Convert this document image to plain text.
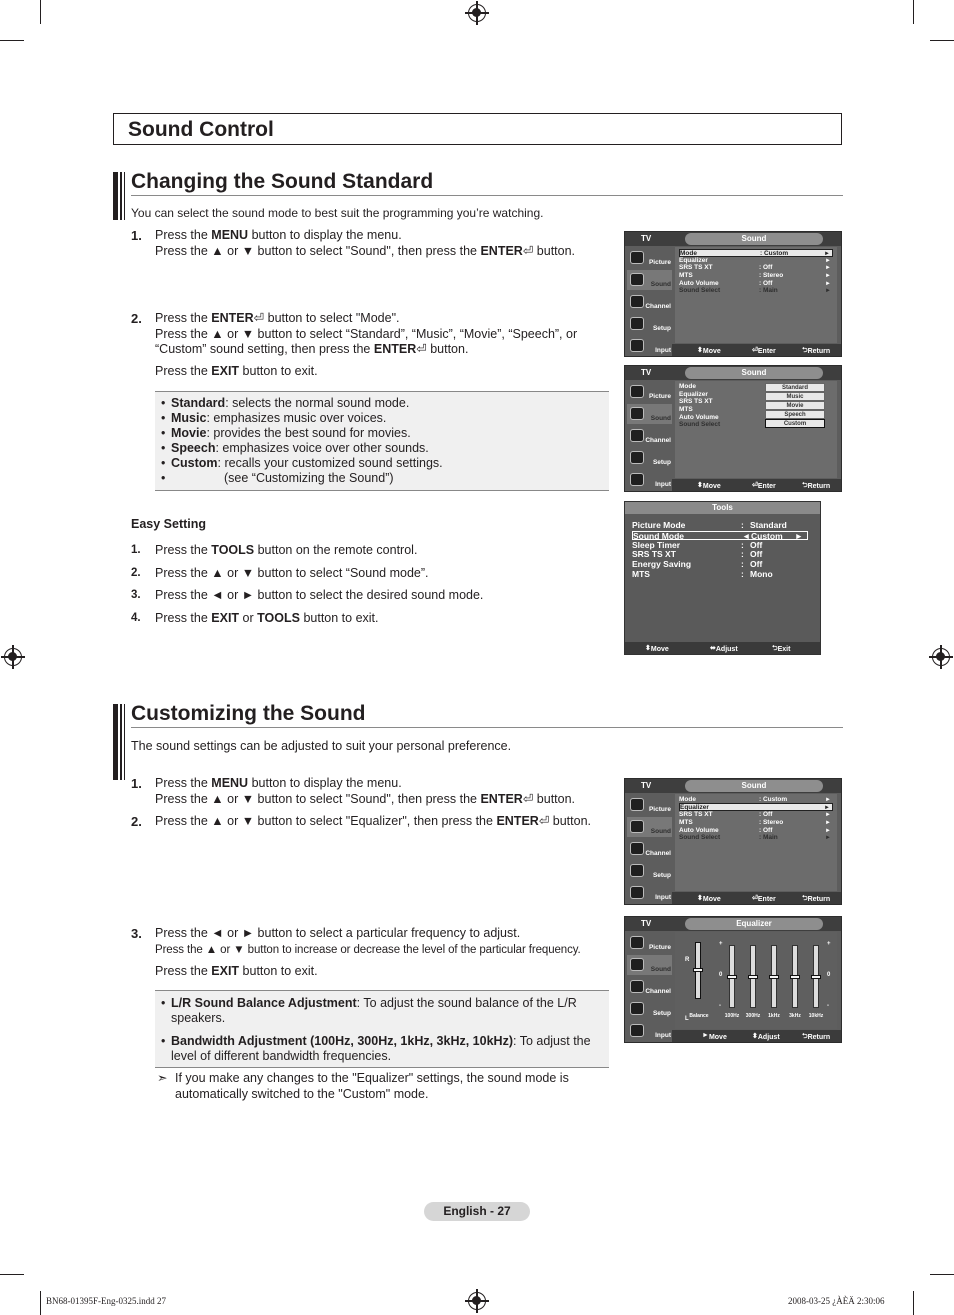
Sound Control
Changing the Sound Standard
You can select the sound mode to best suit the programming you’re watching.
1. Press the MENU button to display the menu.
Press the ▲ or ▼ button to select "Sound", then press the ENTER⏎ button.
2. Press the ENTER⏎ button to select "Mode".
Press the ▲ or ▼ button to select “Standard”, “Music”, “Movie”, “Speech”, or
“Custom” sound setting, then press the ENTER⏎ button.
Press the EXIT button to exit.
• Standard: selects the normal sound mode.
• Music: emphasizes music over voices.
• Movie: provides the best sound for movies.
• Speech: emphasizes voice over other sounds.
• Custom: recalls your customized sound settings.
• (see “Customizing the Sound”)
Easy Setting
1.
2.
3.
4.
Press the TOOLS button on the remote control.
Press the ▲ or ▼ button to select “Sound mode”.
Press the ◄ or ► button to select the desired sound mode.
Press the EXIT or TOOLS button to exit.
TV	Sound
Picture
Sound
Channel
Setup
Input
Mode	: Custom	►
Equalizer	►
SRS TS XT	: Off	►
MTS	: Stereo	►
Auto Volume	: Off	►
Sound Select	: Main	►
⬍ Move	⏎ Enter	⮌ Return
TV	Sound
Picture
Sound
Channel
Setup
Input
Mode
Equalizer
SRS TS XT
MTS
Auto Volume
Sound Select
Standard
Music
Movie
Speech
Custom
⬍ Move	⏎ Enter	⮌ Return
Tools
Picture Mode	: Standard
Sound Mode	◄ Custom ►
Sleep Timer	: Off
SRS TS XT	: Off
Energy Saving	: Off
MTS	: Mono
⬍ Move	⬌ Adjust	⮌ Exit
Customizing the Sound
The sound settings can be adjusted to suit your personal preference.
1. Press the MENU button to display the menu.
Press the ▲ or ▼ button to select "Sound", then press the ENTER⏎ button.
2. Press the ▲ or ▼ button to select "Equalizer", then press the ENTER⏎ button.
3. Press the ◄ or ► button to select a particular frequency to adjust.
Press the ▲ or ▼ button to increase or decrease the level of the particular frequency.
Press the EXIT button to exit.
• L/R Sound Balance Adjustment: To adjust the sound balance of the L/R
speakers.
• Bandwidth Adjustment (100Hz, 300Hz, 1kHz, 3kHz, 10kHz): To adjust the
level of different bandwidth frequencies.
➣ If you make any changes to the "Equalizer" settings, the sound mode is
automatically switched to the "Custom" mode.
TV	Sound
Picture
Sound
Channel
Setup
Input
Mode	: Custom	►
Equalizer	►
SRS TS XT	: Off	►
MTS	: Stereo	►
Auto Volume	: Off	►
Sound Select	: Main	►
⬍ Move	⏎ Enter	⮌ Return
TV	Equalizer
Picture
Sound
Channel
Setup
Input
R
L
+
0
-
+
0
-
Balance	100Hz	300Hz	1kHz	3kHz	10kHz
► Move	⬍ Adjust	⮌ Return
English - 27
BN68-01395F-Eng-0325.indd 27	2008-03-25 ¿ÀÈÄ 2:30:06
